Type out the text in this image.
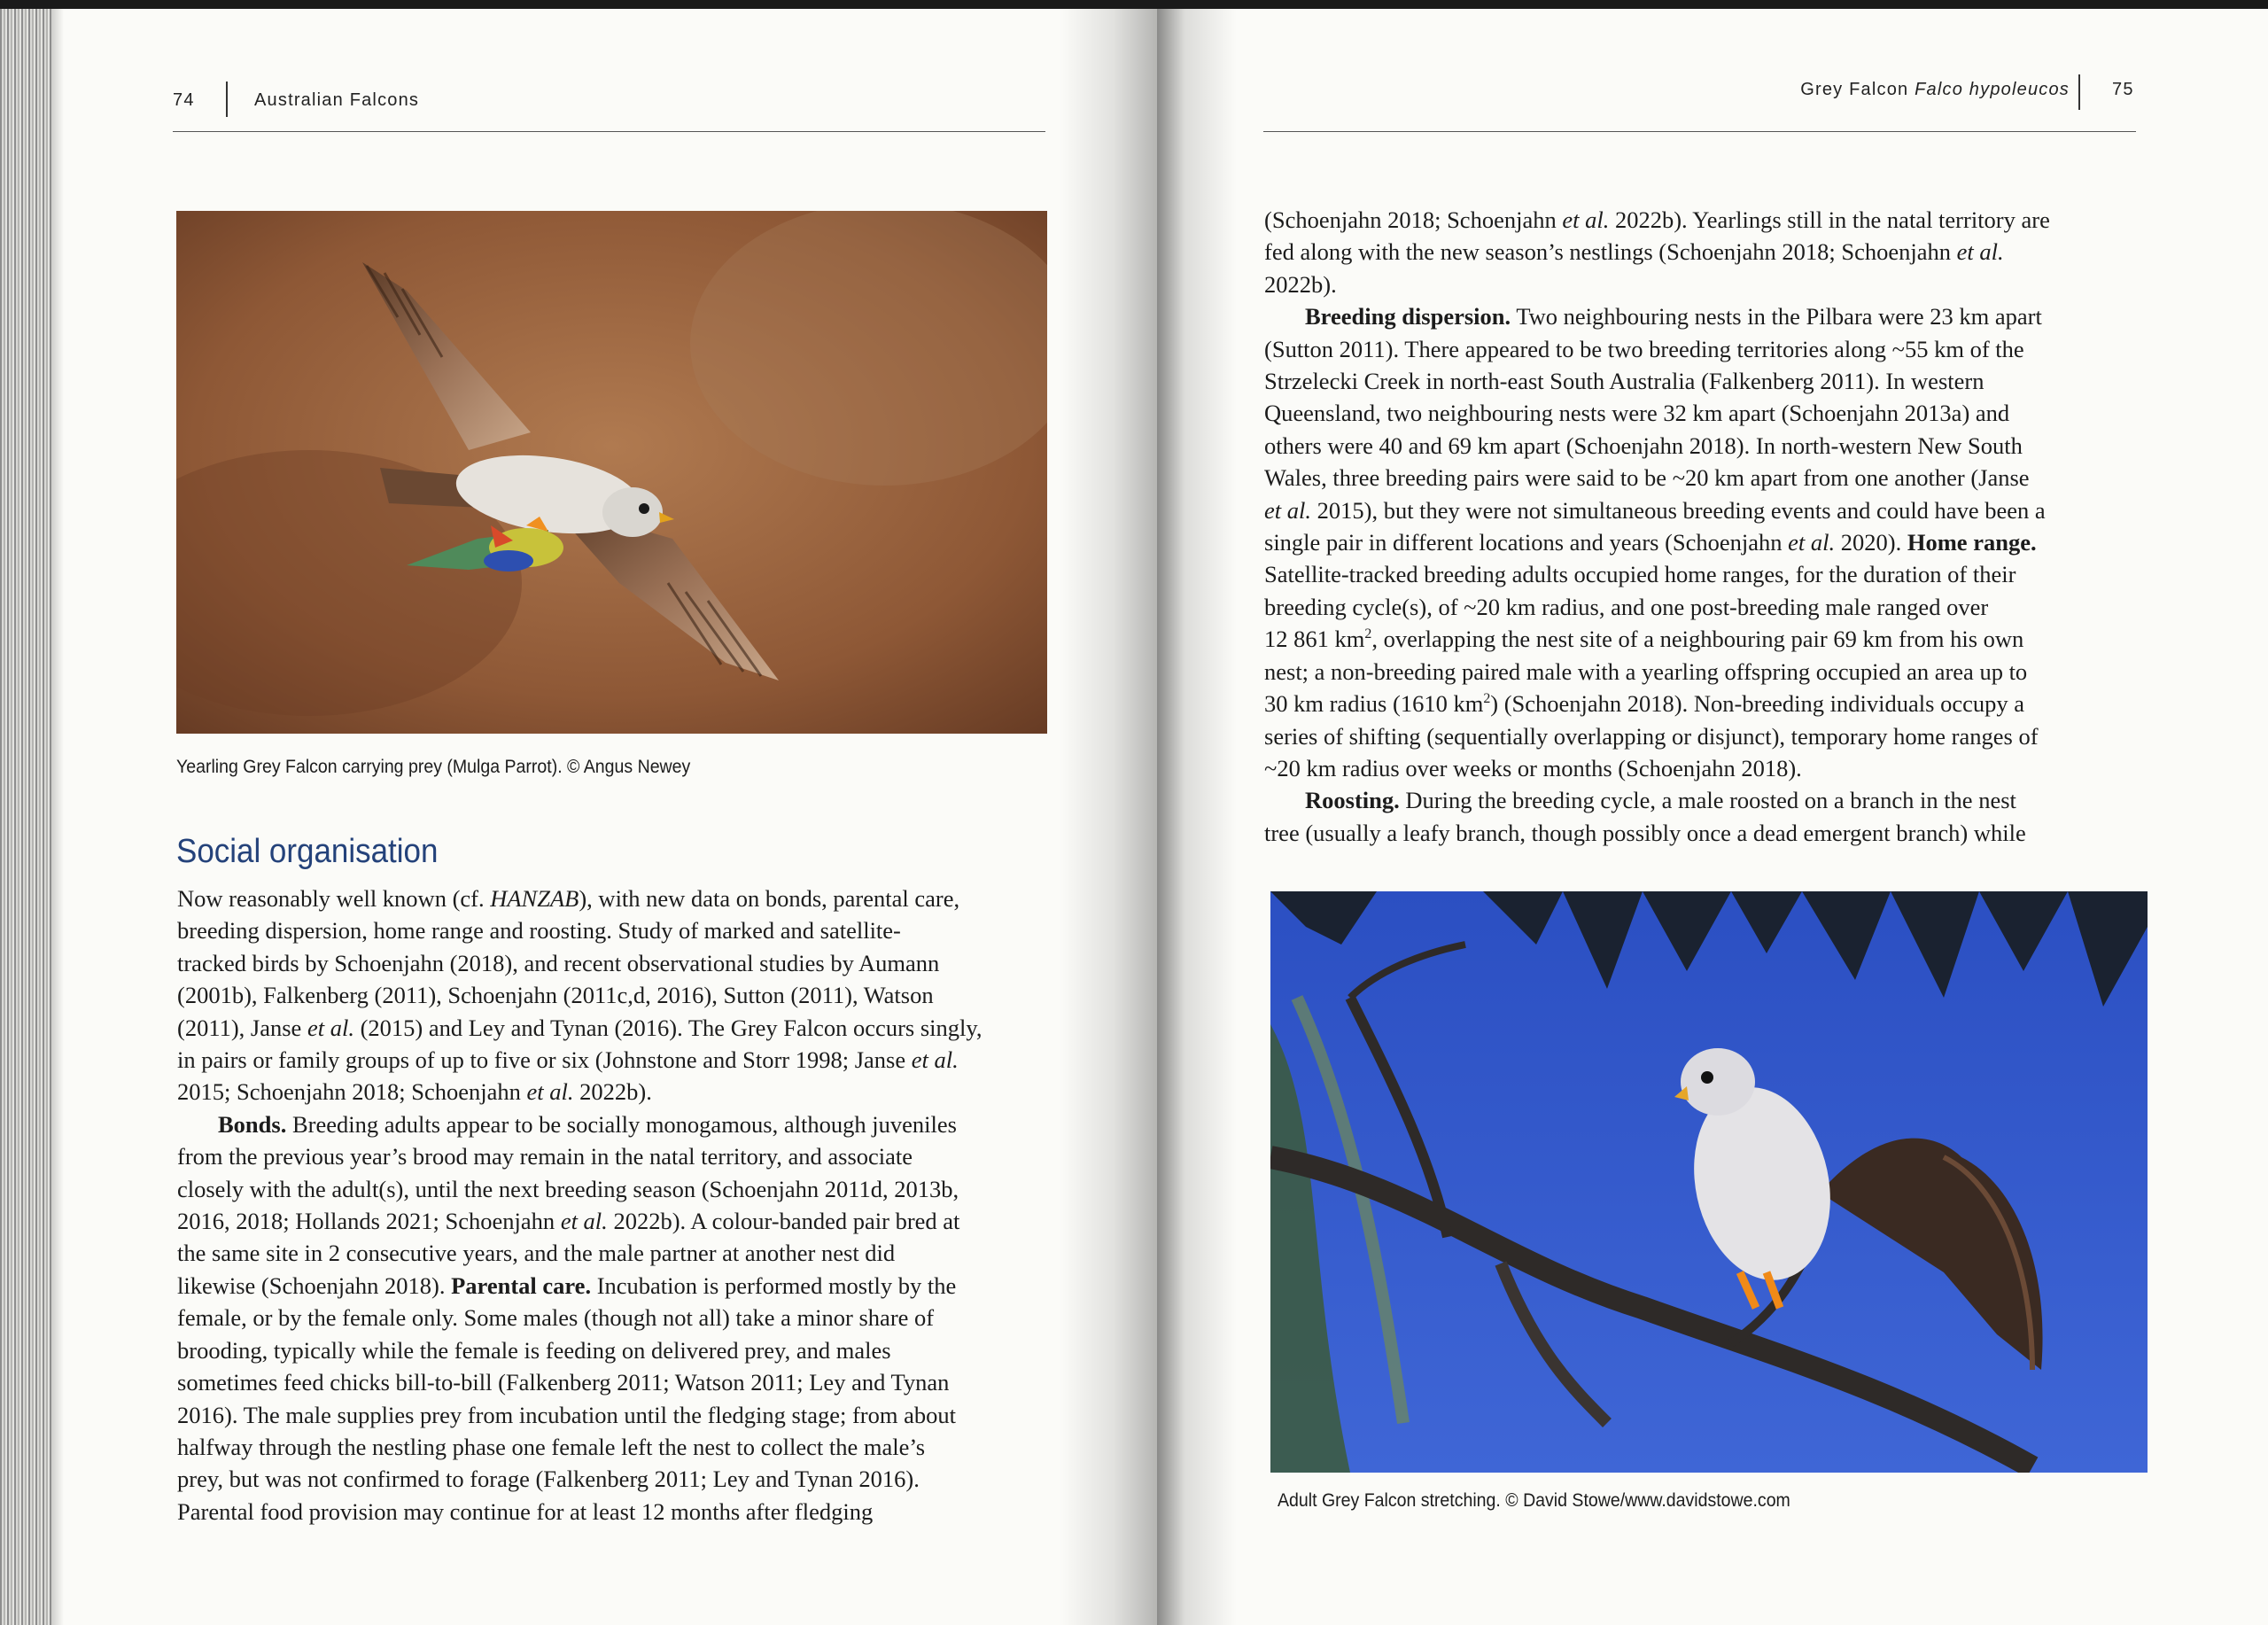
74	Australian Falcons
Yearling Grey Falcon carrying prey (Mulga Parrot). © Angus Newey
Social organisation
Now reasonably well known (cf. HANZAB), with new data on bonds, parental care,
breeding dispersion, home range and roosting. Study of marked and satellite-
tracked birds by Schoenjahn (2018), and recent observational studies by Aumann
(2001b), Falkenberg (2011), Schoenjahn (2011c,d, 2016), Sutton (2011), Watson
(2011), Janse et al. (2015) and Ley and Tynan (2016). The Grey Falcon occurs singly,
in pairs or family groups of up to five or six (Johnstone and Storr 1998; Janse et al.
2015; Schoenjahn 2018; Schoenjahn et al. 2022b).
Bonds. Breeding adults appear to be socially monogamous, although juveniles
from the previous year’s brood may remain in the natal territory, and associate
closely with the adult(s), until the next breeding season (Schoenjahn 2011d, 2013b,
2016, 2018; Hollands 2021; Schoenjahn et al. 2022b). A colour-banded pair bred at
the same site in 2 consecutive years, and the male partner at another nest did
likewise (Schoenjahn 2018). Parental care. Incubation is performed mostly by the
female, or by the female only. Some males (though not all) take a minor share of
brooding, typically while the female is feeding on delivered prey, and males
sometimes feed chicks bill-to-bill (Falkenberg 2011; Watson 2011; Ley and Tynan
2016). The male supplies prey from incubation until the fledging stage; from about
halfway through the nestling phase one female left the nest to collect the male’s
prey, but was not confirmed to forage (Falkenberg 2011; Ley and Tynan 2016).
Parental food provision may continue for at least 12 months after fledging
Grey Falcon Falco hypoleucos 75
(Schoenjahn 2018; Schoenjahn et al. 2022b). Yearlings still in the natal territory are
fed along with the new season’s nestlings (Schoenjahn 2018; Schoenjahn et al.
2022b).
Breeding dispersion. Two neighbouring nests in the Pilbara were 23 km apart
(Sutton 2011). There appeared to be two breeding territories along ~55 km of the
Strzelecki Creek in north-east South Australia (Falkenberg 2011). In western
Queensland, two neighbouring nests were 32 km apart (Schoenjahn 2013a) and
others were 40 and 69 km apart (Schoenjahn 2018). In north-western New South
Wales, three breeding pairs were said to be ~20 km apart from one another (Janse
et al. 2015), but they were not simultaneous breeding events and could have been a
single pair in different locations and years (Schoenjahn et al. 2020). Home range.
Satellite-tracked breeding adults occupied home ranges, for the duration of their
breeding cycle(s), of ~20 km radius, and one post-breeding male ranged over
12 861 $km^2$, overlapping the nest site of a neighbouring pair 69 km from his own
nest; a non-breeding paired male with a yearling offspring occupied an area up to
30 km radius (1610 $km^2$) (Schoenjahn 2018). Non-breeding individuals occupy a
series of shifting (sequentially overlapping or disjunct), temporary home ranges of
~20 km radius over weeks or months (Schoenjahn 2018).
Roosting. During the breeding cycle, a male roosted on a branch in the nest
tree (usually a leafy branch, though possibly once a dead emergent branch) while
Adult Grey Falcon stretching. © David Stowe/www.davidstowe.com
